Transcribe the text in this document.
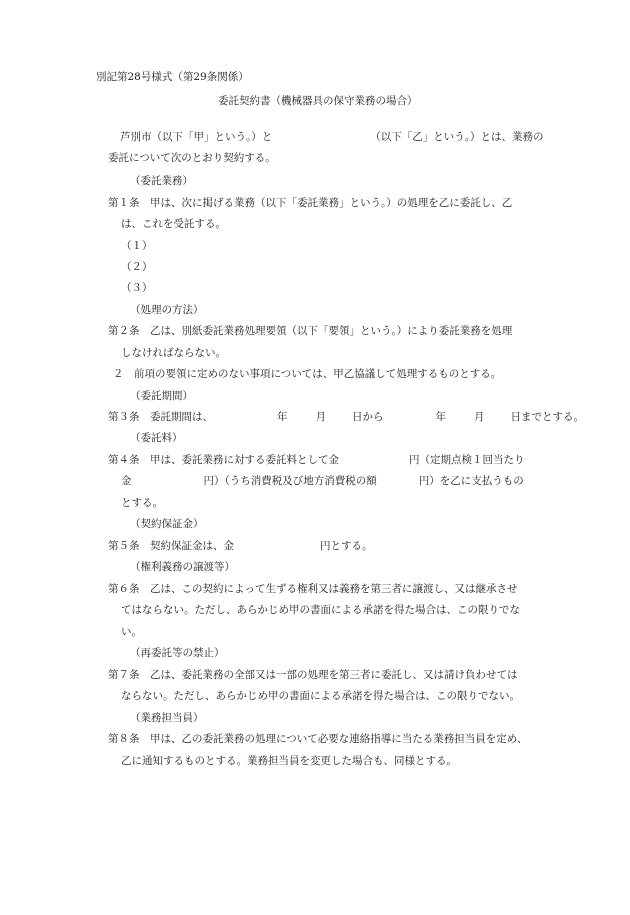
別記第28号様式（第29条関係）
委託契約書（機械器具の保守業務の場合）
芦別市（以下「甲」という。）と	（以下「乙」という。）とは、業務の
委託について次のとおり契約する。
（委託業務）
第１条　甲は、次に掲げる業務（以下「委託業務」という。）の処理を乙に委託し、乙
は、これを受託する。
（１）
（２）
（３）
（処理の方法）
第２条　乙は、別紙委託業務処理要領（以下「要領」という。）により委託業務を処理
しなければならない。
２　前項の要領に定めのない事項については、甲乙協議して処理するものとする。
（委託期間）
第３条　委託期間は、	年	月 日から	年	月 日までとする。
（委託料）
第４条　甲は、委託業務に対する委託料として金	円（定期点検１回当たり
金	円）（うち消費税及び地方消費税の額	円）を乙に支払うもの
とする。
（契約保証金）
第５条　契約保証金は、金	円とする。
（権利義務の譲渡等）
第６条　乙は、この契約によって生ずる権利又は義務を第三者に譲渡し、又は継承させ
てはならない。ただし、あらかじめ甲の書面による承諾を得た場合は、この限りでな
い。
（再委託等の禁止）
第７条　乙は、委託業務の全部又は一部の処理を第三者に委託し、又は請け負わせては
ならない。ただし、あらかじめ甲の書面による承諾を得た場合は、この限りでない。
（業務担当員）
第８条　甲は、乙の委託業務の処理について必要な連絡指導に当たる業務担当員を定め、
乙に通知するものとする。業務担当員を変更した場合も、同様とする。
